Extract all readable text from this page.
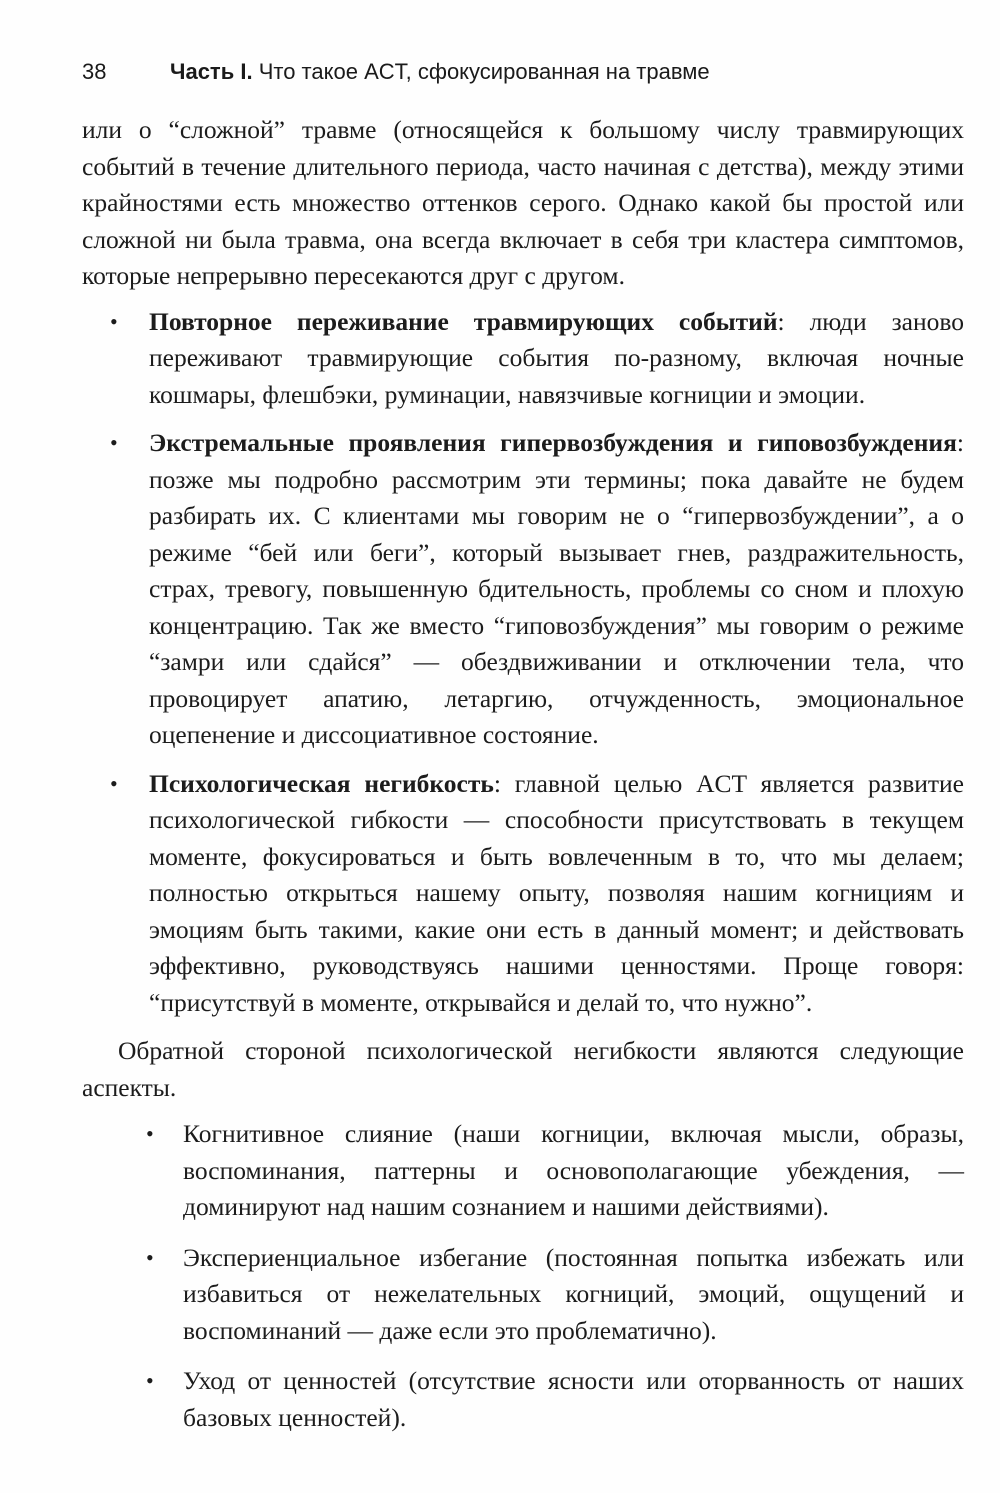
38	Часть I. Что такое ACT, сфокусированная на травме

или о “сложной” травме (относящейся к большому числу травмирующих событий в течение длительного периода, часто начиная с детства), между этими крайностями есть множество оттенков серого. Однако какой бы простой или сложной ни была травма, она всегда включает в себя три кластера симптомов, которые непрерывно пересекаются друг с другом.

• Повторное переживание травмирующих событий: люди заново переживают травмирующие события по-разному, включая ночные кошмары, флешбэки, руминации, навязчивые когниции и эмоции.
• Экстремальные проявления гипервозбуждения и гиповозбуждения: позже мы подробно рассмотрим эти термины; пока давайте не будем разбирать их. С клиентами мы говорим не о “гипервозбуждении”, а о режиме “бей или беги”, который вызывает гнев, раздражительность, страх, тревогу, повышенную бдительность, проблемы со сном и плохую концентрацию. Так же вместо “гиповозбуждения” мы говорим о режиме “замри или сдайся” — обездвиживании и отключении тела, что провоцирует апатию, летаргию, отчужденность, эмоциональное оцепенение и диссоциативное состояние.
• Психологическая негибкость: главной целью ACT является развитие психологической гибкости — способности присутствовать в текущем моменте, фокусироваться и быть вовлеченным в то, что мы делаем; полностью открыться нашему опыту, позволяя нашим когнициям и эмоциям быть такими, какие они есть в данный момент; и действовать эффективно, руководствуясь нашими ценностями. Проще говоря: “присутствуй в моменте, открывайся и делай то, что нужно”.

Обратной стороной психологической негибкости являются следующие аспекты.

• Когнитивное слияние (наши когниции, включая мысли, образы, воспоминания, паттерны и основополагающие убеждения, — доминируют над нашим сознанием и нашими действиями).
• Экспериенциальное избегание (постоянная попытка избежать или избавиться от нежелательных когниций, эмоций, ощущений и воспоминаний — даже если это проблематично).
• Уход от ценностей (отсутствие ясности или оторванность от наших базовых ценностей).
